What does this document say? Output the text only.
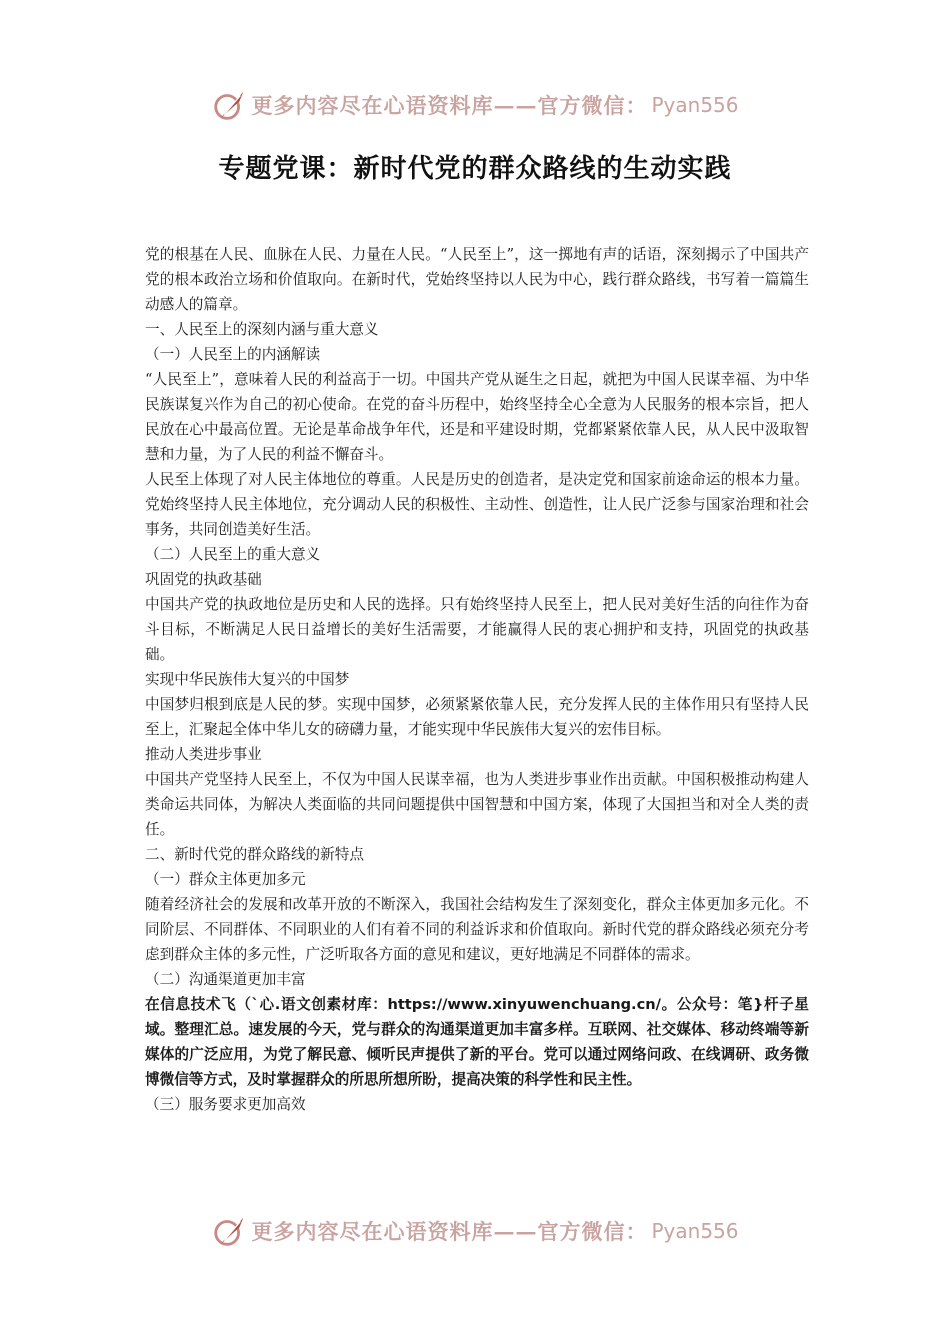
更多内容尽在心语资料库——官方微信： Pyan556
专题党课：新时代党的群众路线的生动实践

党的根基在人民、血脉在人民、力量在人民。“人民至上”，这一掷地有声的话语，深刻揭示了中国共产党的根本政治立场和价值取向。在新时代，党始终坚持以人民为中心，践行群众路线，书写着一篇篇生动感人的篇章。

一、人民至上的深刻内涵与重大意义

（一）人民至上的内涵解读

“人民至上”，意味着人民的利益高于一切。中国共产党从诞生之日起，就把为中国人民谋幸福、为中华民族谋复兴作为自己的初心使命。在党的奋斗历程中，始终坚持全心全意为人民服务的根本宗旨，把人民放在心中最高位置。无论是革命战争年代，还是和平建设时期，党都紧紧依靠人民，从人民中汲取智慧和力量，为了人民的利益不懈奋斗。

人民至上体现了对人民主体地位的尊重。人民是历史的创造者，是决定党和国家前途命运的根本力量。党始终坚持人民主体地位，充分调动人民的积极性、主动性、创造性，让人民广泛参与国家治理和社会事务，共同创造美好生活。

（二）人民至上的重大意义

巩固党的执政基础

中国共产党的执政地位是历史和人民的选择。只有始终坚持人民至上，把人民对美好生活的向往作为奋斗目标，不断满足人民日益增长的美好生活需要，才能赢得人民的衷心拥护和支持，巩固党的执政基础。

实现中华民族伟大复兴的中国梦

中国梦归根到底是人民的梦。实现中国梦，必须紧紧依靠人民，充分发挥人民的主体作用只有坚持人民至上，汇聚起全体中华儿女的磅礴力量，才能实现中华民族伟大复兴的宏伟目标。

推动人类进步事业

中国共产党坚持人民至上，不仅为中国人民谋幸福，也为人类进步事业作出贡献。中国积极推动构建人类命运共同体，为解决人类面临的共同问题提供中国智慧和中国方案，体现了大国担当和对全人类的责任。

二、新时代党的群众路线的新特点

（一）群众主体更加多元

随着经济社会的发展和改革开放的不断深入，我国社会结构发生了深刻变化，群众主体更加多元化。不同阶层、不同群体、不同职业的人们有着不同的利益诉求和价值取向。新时代党的群众路线必须充分考虑到群众主体的多元性，广泛听取各方面的意见和建议，更好地满足不同群体的需求。

（二）沟通渠道更加丰富

在信息技术飞（`心.语文创素材库：https://www.xinyuwenchuang.cn/。公众号：笔}杆子星域。整理汇总。速发展的今天，党与群众的沟通渠道更加丰富多样。互联网、社交媒体、移动终端等新媒体的广泛应用，为党了解民意、倾听民声提供了新的平台。党可以通过网络问政、在线调研、政务微博微信等方式，及时掌握群众的所思所想所盼，提高决策的科学性和民主性。

（三）服务要求更加高效

更多内容尽在心语资料库——官方微信： Pyan556
